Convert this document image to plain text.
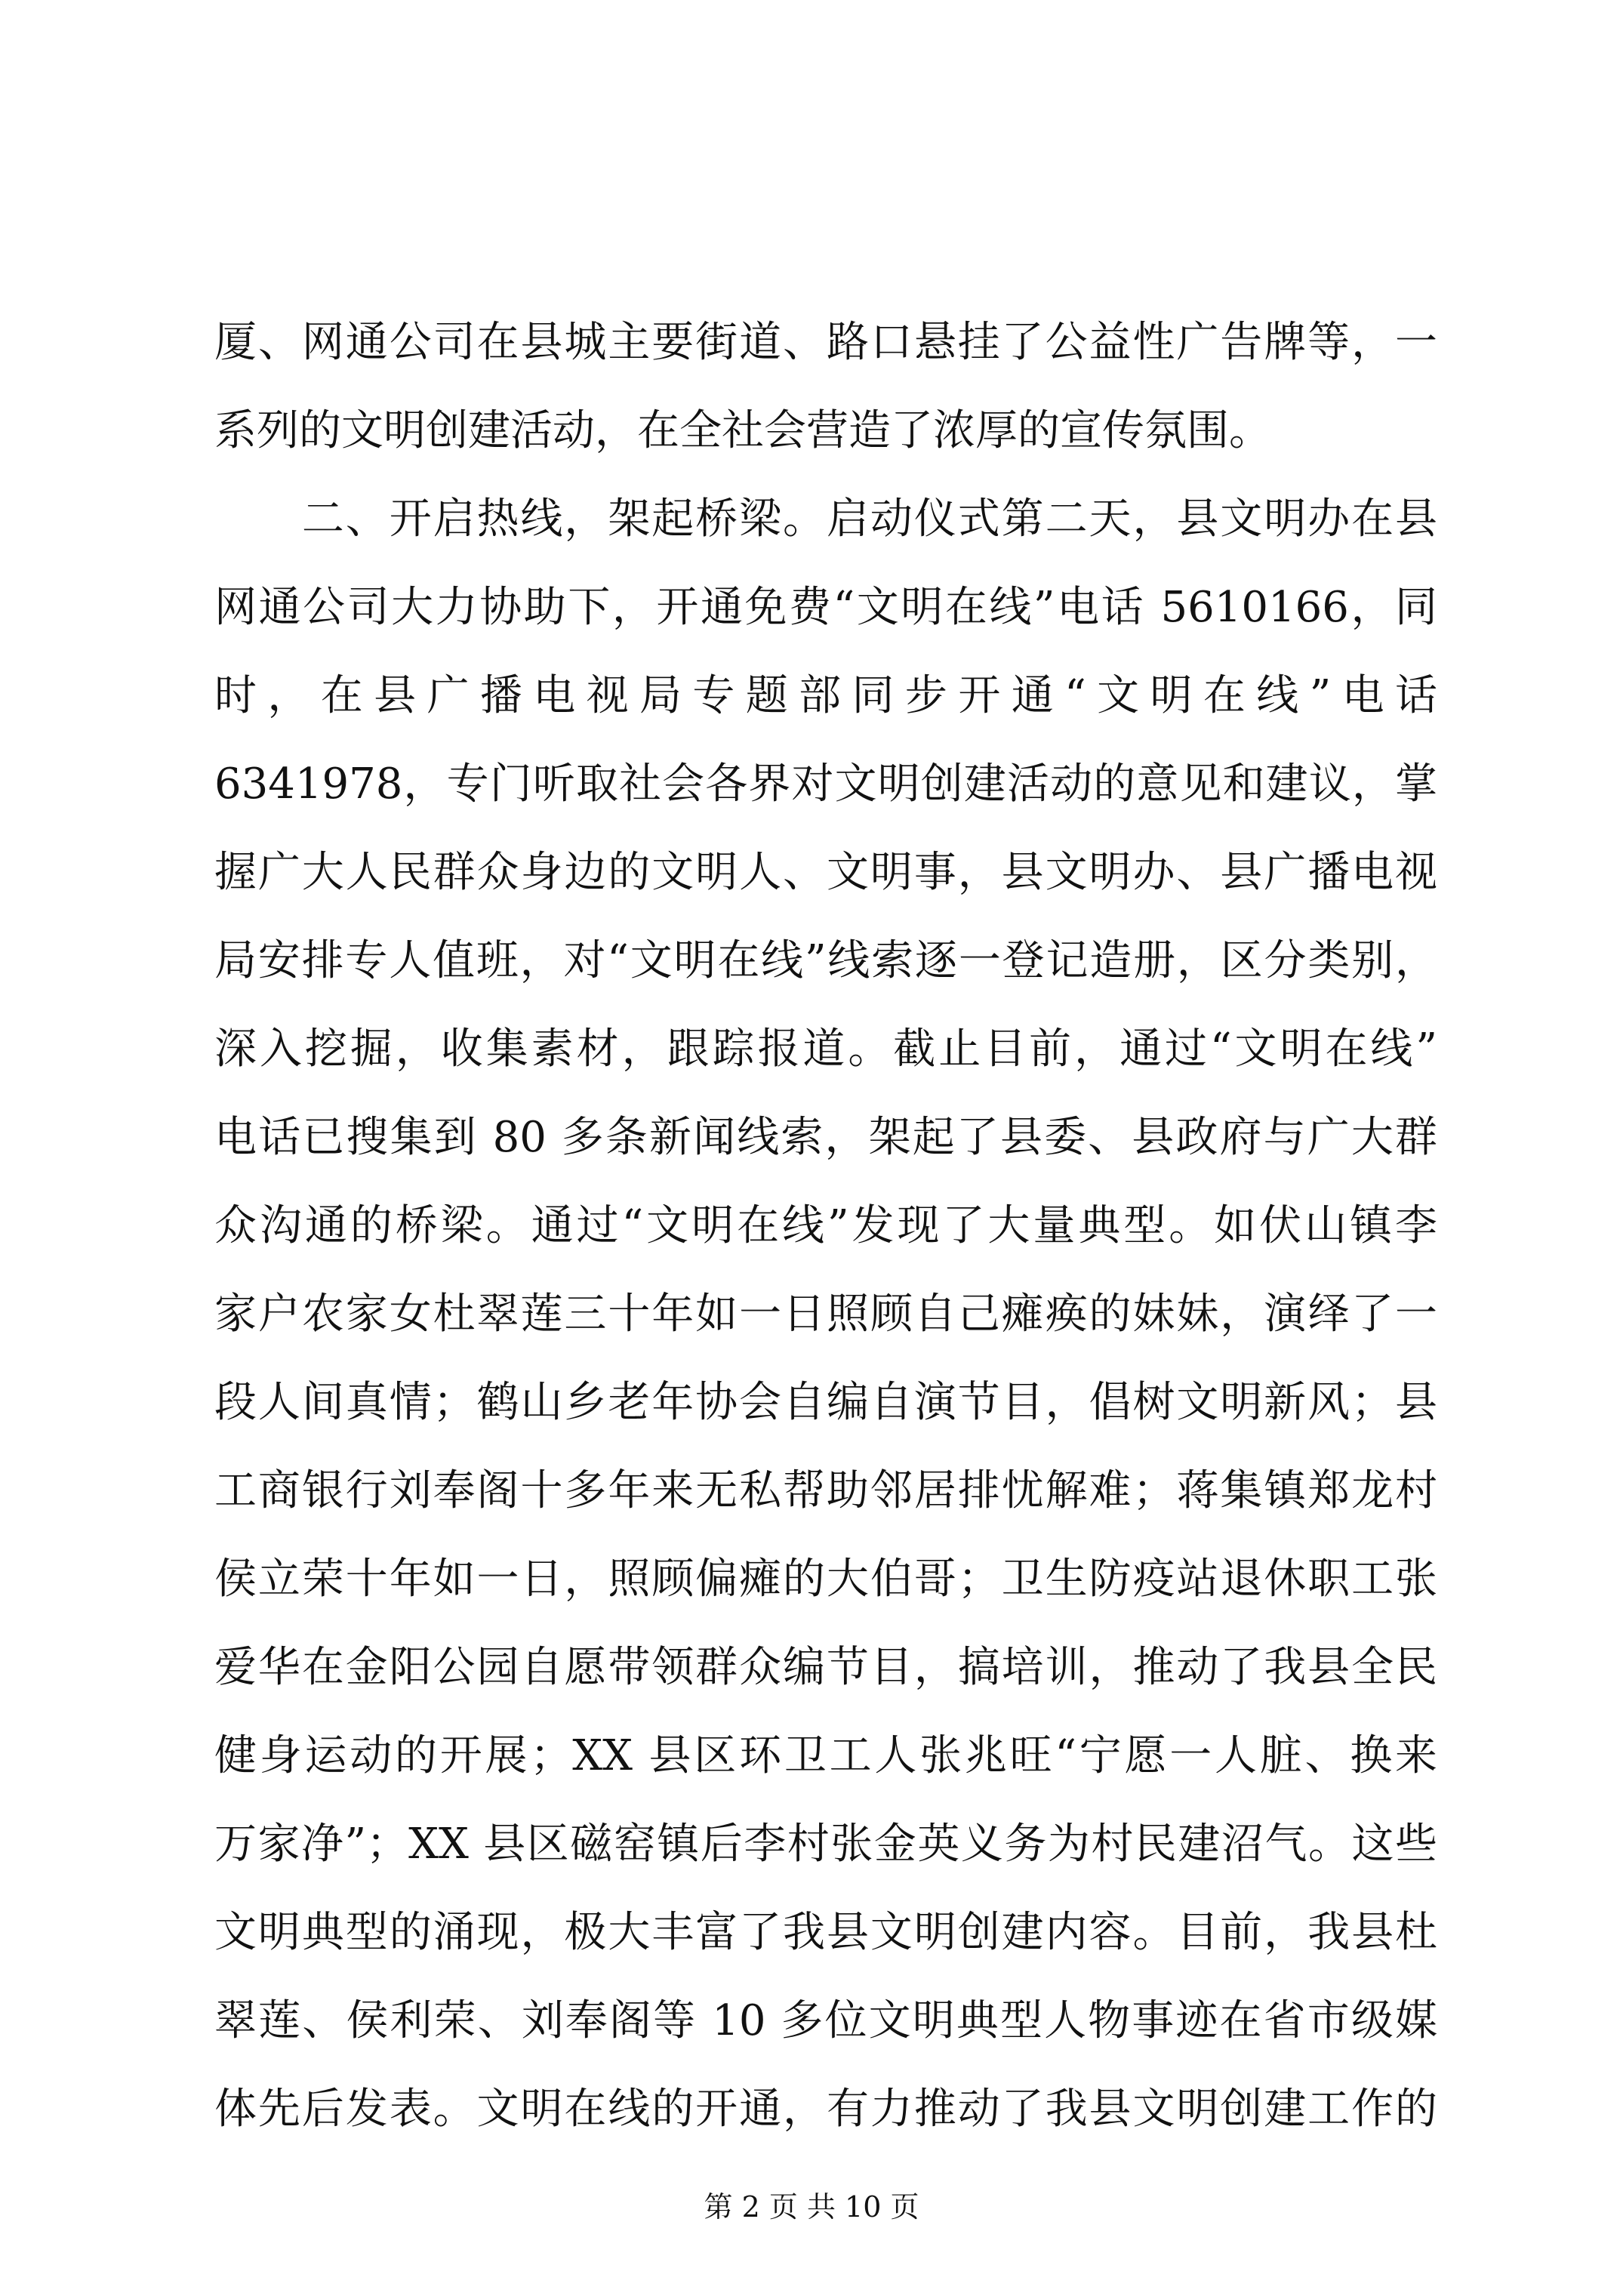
厦、网通公司在县城主要街道、路口悬挂了公益性广告牌等，一
系列的文明创建活动，在全社会营造了浓厚的宣传氛围。
　　二、开启热线，架起桥梁。启动仪式第二天，县文明办在县
网通公司大力协助下，开通免费“文明在线”电话 5610166，同
时，在县广播电视局专题部同步开通“文明在线”电话
6341978，专门听取社会各界对文明创建活动的意见和建议，掌
握广大人民群众身边的文明人、文明事，县文明办、县广播电视
局安排专人值班，对“文明在线”线索逐一登记造册，区分类别，
深入挖掘，收集素材，跟踪报道。截止目前，通过“文明在线”
电话已搜集到 80 多条新闻线索，架起了县委、县政府与广大群
众沟通的桥梁。通过“文明在线”发现了大量典型。如伏山镇李
家户农家女杜翠莲三十年如一日照顾自己瘫痪的妹妹，演绎了一
段人间真情；鹤山乡老年协会自编自演节目，倡树文明新风；县
工商银行刘奉阁十多年来无私帮助邻居排忧解难；蒋集镇郑龙村
侯立荣十年如一日，照顾偏瘫的大伯哥；卫生防疫站退休职工张
爱华在金阳公园自愿带领群众编节目，搞培训，推动了我县全民
健身运动的开展；XX 县区环卫工人张兆旺“宁愿一人脏、换来
万家净”；XX 县区磁窑镇后李村张金英义务为村民建沼气。这些
文明典型的涌现，极大丰富了我县文明创建内容。目前，我县杜
翠莲、侯利荣、刘奉阁等 10 多位文明典型人物事迹在省市级媒
体先后发表。文明在线的开通，有力推动了我县文明创建工作的
第 2 页 共 10 页
